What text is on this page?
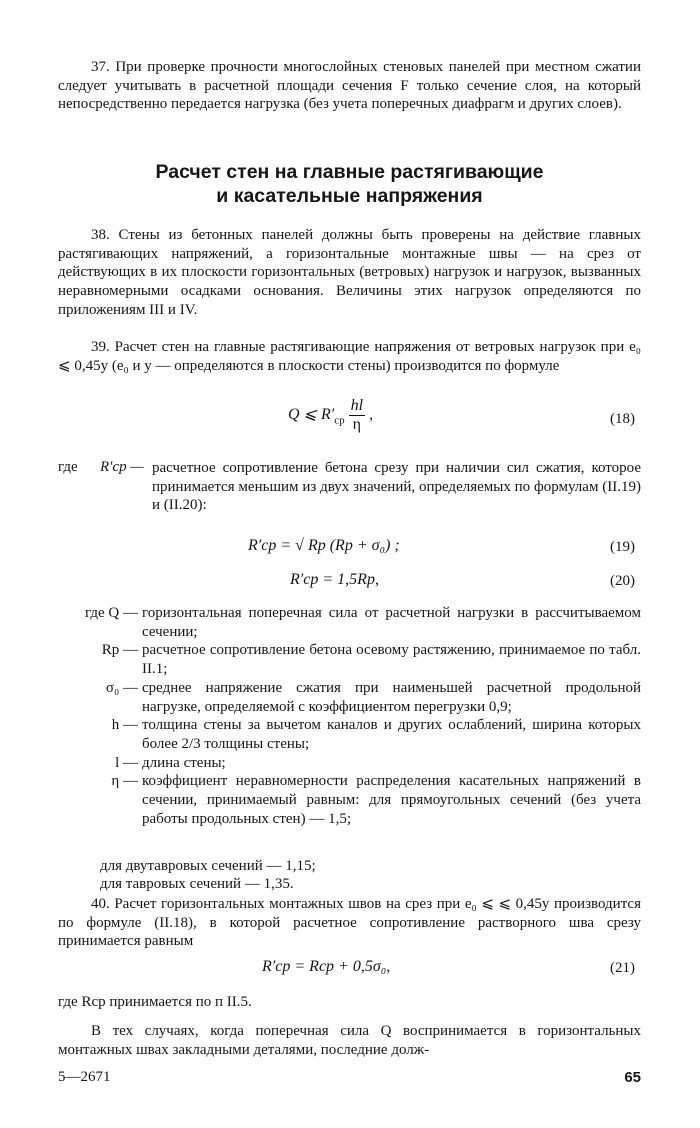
37. При проверке прочности многослойных стеновых панелей при местном сжатии следует учитывать в расчетной площади сечения F только сечение слоя, на который непосредственно передается нагрузка (без учета поперечных диафрагм и других слоев).

Расчет стен на главные растягивающие
и касательные напряжения

38. Стены из бетонных панелей должны быть проверены на действие главных растягивающих напряжений, а горизонтальные монтажные швы — на срез от действующих в их плоскости горизонтальных (ветровых) нагрузок и нагрузок, вызванных неравномерными осадками основания. Величины этих нагрузок определяются по приложениям III и IV.

39. Расчет стен на главные растягивающие напряжения от ветровых нагрузок при e₀ ⩽ 0,45y (e₀ и y — определяются в плоскости стены) производится по формуле

Q ⩽ $R'_{ср} \frac{hl}{\eta}$ ,	(18)
где R′ср — расчетное сопротивление бетона срезу при наличии сил сжатия, которое принимается меньшим из двух значений, определяемых по формулам (II.19) и (II.20):

R′ср = √ Rр (Rр + σ₀) ;	(19)
R′ср = 1,5Rр,	(20)
где Q — горизонтальная поперечная сила от расчетной нагрузки в рассчитываемом сечении;
Rр — расчетное сопротивление бетона осевому растяжению, принимаемое по табл. II.1;
σ₀ — среднее напряжение сжатия при наименьшей расчетной продольной нагрузке, определяемой с коэффициентом перегрузки 0,9;
h — толщина стены за вычетом каналов и других ослаблений, ширина которых более 2/3 толщины стены;
l — длина стены;
η — коэффициент неравномерности распределения касательных напряжений в сечении, принимаемый равным: для прямоугольных сечений (без учета работы продольных стен) — 1,5;
для двутавровых сечений — 1,15;
для тавровых сечений — 1,35.

40. Расчет горизонтальных монтажных швов на срез при e₀ ⩽ ⩽ 0,45y производится по формуле (II.18), в которой расчетное сопротивление растворного шва срезу принимается равным

R′ср = Rср + 0,5σ₀,	(21)
где Rср принимается по п II.5.

В тех случаях, когда поперечная сила Q воспринимается в горизонтальных монтажных швах закладными деталями, последние долж-

5—2671	65
